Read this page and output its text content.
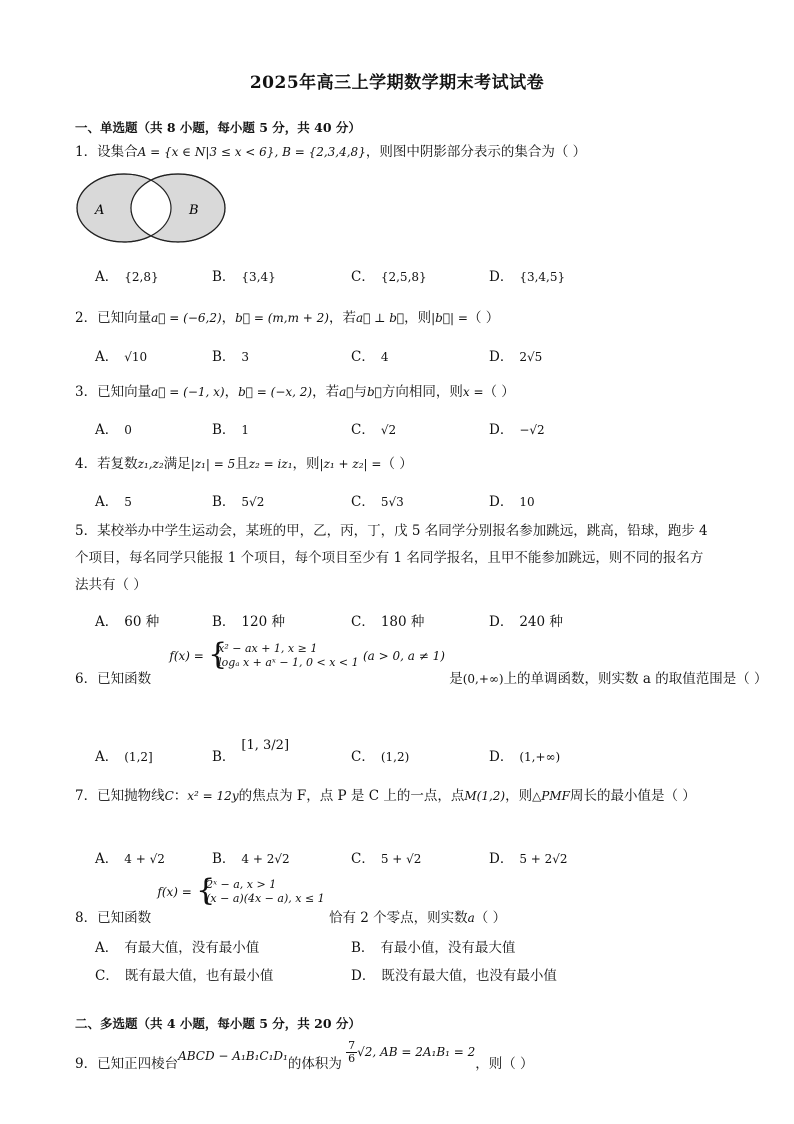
2025年高三上学期数学期末考试试卷
一、单选题（共 8 小题，每小题 5 分，共 40 分）
1．设集合A = {x ∈ N|3 ≤ x < 6}, B = {2,3,4,8}，则图中阴影部分表示的集合为（ ）
A	B
A． {2,8}	B． {3,4}	C． {2,5,8}	D． {3,4,5}
2．已知向量a⃗ = (−6,2)，b⃗ = (m,m + 2)，若a⃗ ⊥ b⃗，则|b⃗| =（ ）
A． √10	B． 3	C． 4	D． 2√5
3．已知向量a⃗ = (−1, x)，b⃗ = (−x, 2)，若a⃗与b⃗方向相同，则x =（ ）
A． 0	B． 1	C． √2	D． −√2
4．若复数z₁,z₂满足|z₁| = 5且z₂ = iz₁，则|z₁ + z₂| =（ ）
A． 5	B． 5√2	C． 5√3	D． 10
5．某校举办中学生运动会，某班的甲，乙，丙，丁，戊 5 名同学分别报名参加跳远，跳高，铅球，跑步 4 个项目，每名同学只能报 1 个项目，每个项目至少有 1 名同学报名，且甲不能参加跳远，则不同的报名方法共有（ ）
A． 60 种	B． 120 种	C． 180 种	D． 240 种
6．已知函数 f(x) = {
x² − ax + 1, x ≥ 1
logₐ x + aˣ − 1, 0 < x < 1 (a > 0, a ≠ 1) 是(0,+∞)上的单调函数，则实数 a 的取值范围是（ ）
A． (1,2]	B．[1, 3/2]
C． (1,2)	D． (1,+∞)
7．已知抛物线C：x² = 12y的焦点为 F，点 P 是 C 上的一点，点M(1,2)，则△PMF周长的最小值是（ ）
A． 4 + √2	B． 4 + 2√2	C． 5 + √2	D． 5 + 2√2
8．已知函数 f(x) = {
2ˣ − a, x > 1
(x − a)(4x − a), x ≤ 1
恰有 2 个零点，则实数a（ ）
A． 有最大值，没有最小值	B． 有最小值，没有最大值
C． 既有最大值，也有最小值	D． 既没有最大值，也没有最小值
二、多选题（共 4 小题，每小题 5 分，共 20 分）
9．已知正四棱台ABCD − A₁B₁C₁D₁的体积为 $\frac{7}{6} √2$, AB = 2A₁B₁ = 2，则（ ）
